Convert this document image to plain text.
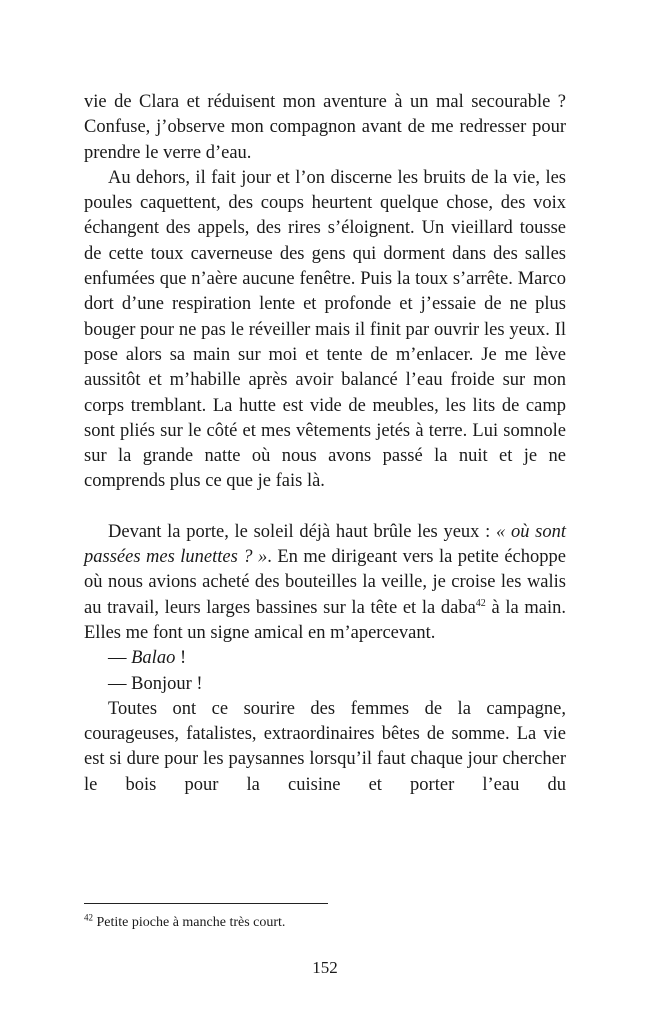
vie de Clara et réduisent mon aventure à un mal secourable ? Confuse, j’observe mon compagnon avant de me redresser pour prendre le verre d’eau.

Au dehors, il fait jour et l’on discerne les bruits de la vie, les poules caquettent, des coups heurtent quelque chose, des voix échangent des appels, des rires s’éloignent. Un vieillard tousse de cette toux caverneuse des gens qui dorment dans des salles enfumées que n’aère aucune fenêtre. Puis la toux s’arrête. Marco dort d’une respiration lente et profonde et j’essaie de ne plus bouger pour ne pas le réveiller mais il finit par ouvrir les yeux. Il pose alors sa main sur moi et tente de m’enlacer. Je me lève aussitôt et m’habille après avoir balancé l’eau froide sur mon corps tremblant. La hutte est vide de meubles, les lits de camp sont pliés sur le côté et mes vêtements jetés à terre. Lui somnole sur la grande natte où nous avons passé la nuit et je ne comprends plus ce que je fais là.

Devant la porte, le soleil déjà haut brûle les yeux : « où sont passées mes lunettes ? ». En me dirigeant vers la petite échoppe où nous avions acheté des bouteilles la veille, je croise les walis au travail, leurs larges bassines sur la tête et la daba$^{42}$ à la main. Elles me font un signe amical en m’apercevant.

— Balao !

— Bonjour !

Toutes ont ce sourire des femmes de la campagne, courageuses, fatalistes, extraordinaires bêtes de somme. La vie est si dure pour les paysannes lorsqu’il faut chaque jour chercher le bois pour la cuisine et porter l’eau du

$^{42}$ Petite pioche à manche très court.
152
